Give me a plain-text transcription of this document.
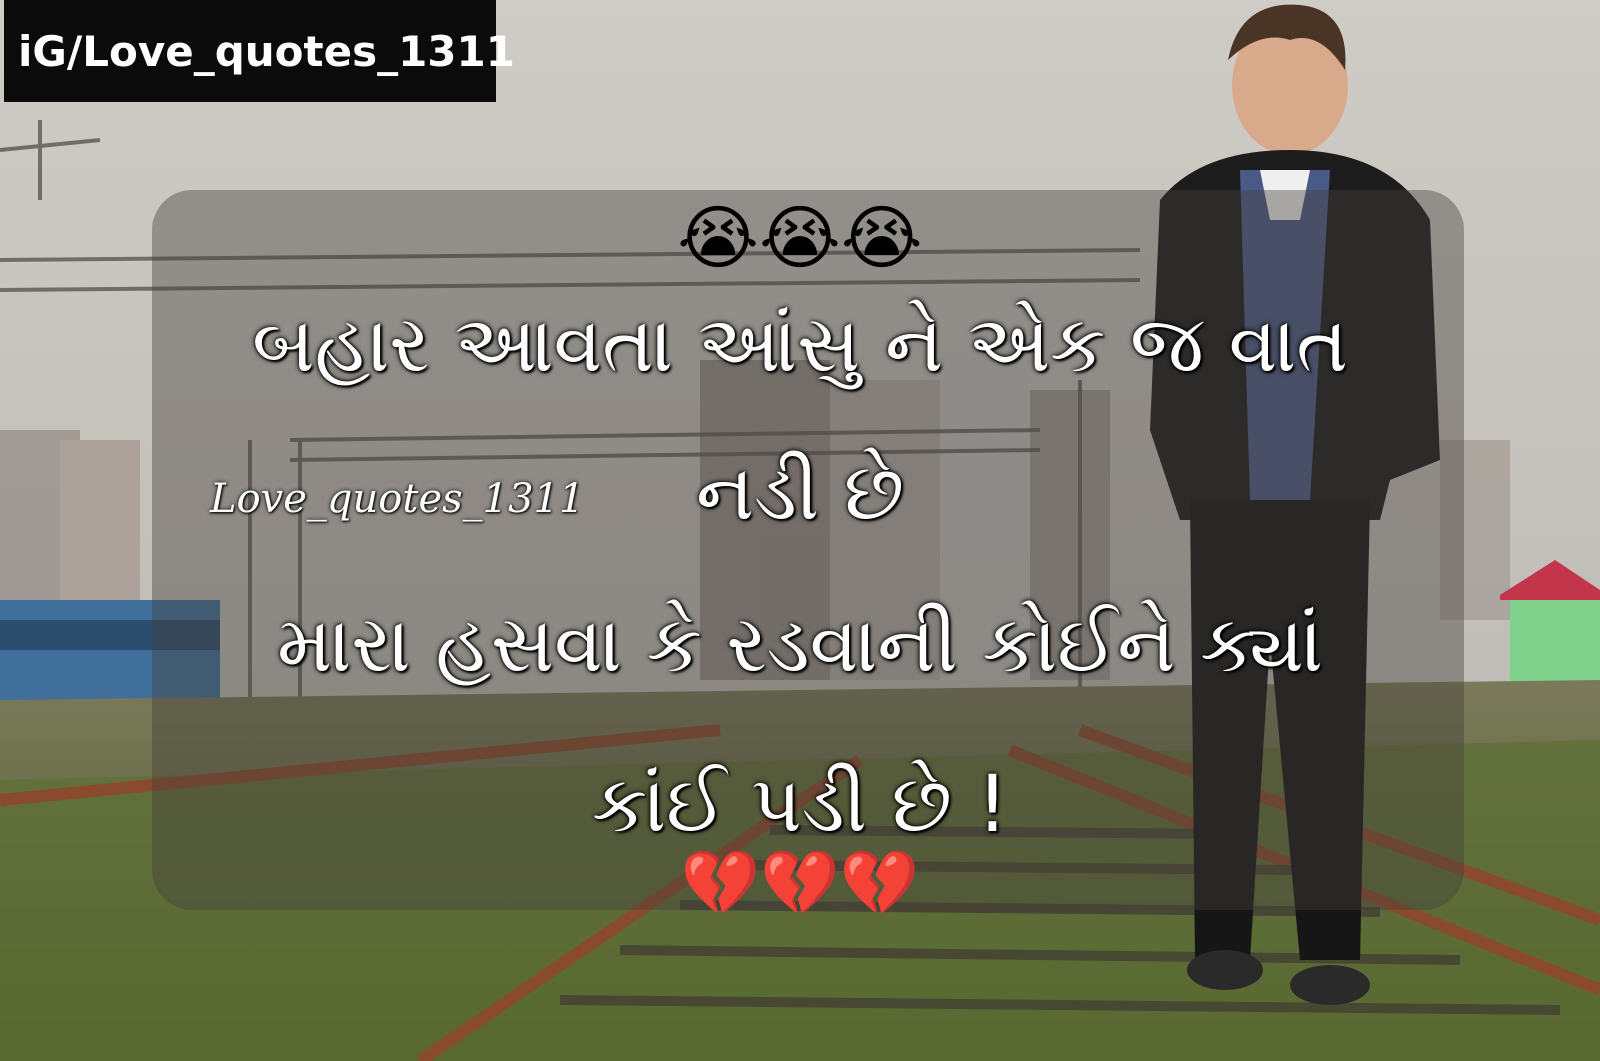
iG/Love_quotes_1311
😭😭😭
બહાર આવતા આંસુ ને એક જ વાત
નડી છે
મારા હસવા કે રડવાની કોઈને ક્યાં
કાંઈ પડી છે !
Love_quotes_1311
💔💔💔
